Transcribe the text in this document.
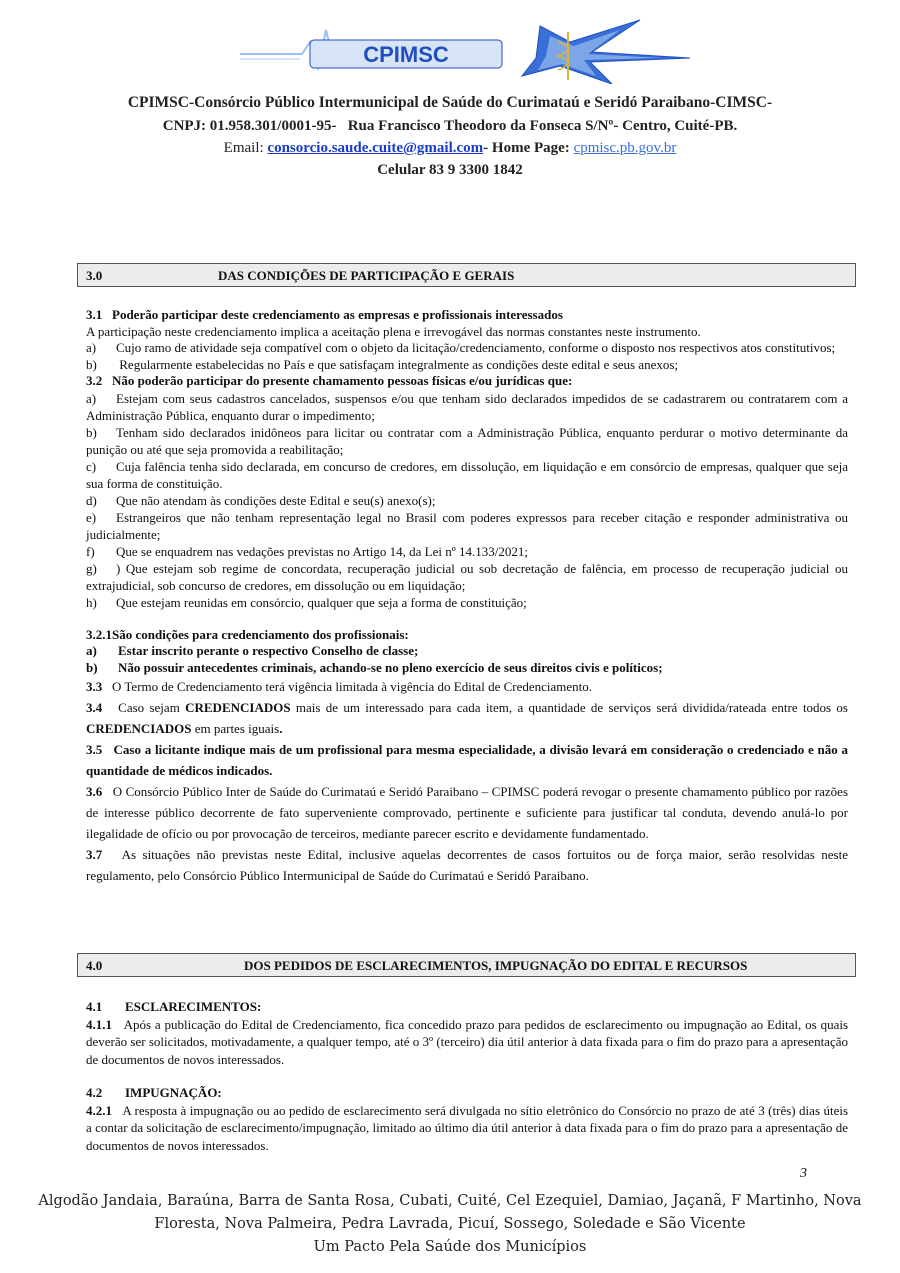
CPIMSC
CPIMSC-Consórcio Público Intermunicipal de Saúde do Curimataú e Seridó Paraibano-CIMSC-
CNPJ: 01.958.301/0001-95-   Rua Francisco Theodoro da Fonseca S/Nº- Centro, Cuité-PB.
Email: consorcio.saude.cuite@gmail.com- Home Page: cpmisc.pb.gov.br
Celular 83 9 3300 1842
3.0	DAS CONDIÇÕES DE PARTICIPAÇÃO E GERAIS

3.1 Poderão participar deste credenciamento as empresas e profissionais interessados

A participação neste credenciamento implica a aceitação plena e irrevogável das normas constantes neste instrumento.

a) Cujo ramo de atividade seja compatível com o objeto da licitação/credenciamento, conforme o disposto nos respectivos atos constitutivos;

b) Regularmente estabelecidas no País e que satisfaçam integralmente as condições deste edital e seus anexos;

3.2 Não poderão participar do presente chamamento pessoas físicas e/ou jurídicas que:

a) Estejam com seus cadastros cancelados, suspensos e/ou que tenham sido declarados impedidos de se cadastrarem ou contratarem com a Administração Pública, enquanto durar o impedimento;

b) Tenham sido declarados inidôneos para licitar ou contratar com a Administração Pública, enquanto perdurar o motivo determinante da punição ou até que seja promovida a reabilitação;

c) Cuja falência tenha sido declarada, em concurso de credores, em dissolução, em liquidação e em consórcio de empresas, qualquer que seja sua forma de constituição.

d) Que não atendam às condições deste Edital e seu(s) anexo(s);

e) Estrangeiros que não tenham representação legal no Brasil com poderes expressos para receber citação e responder administrativa ou judicialmente;

f) Que se enquadrem nas vedações previstas no Artigo 14, da Lei nº 14.133/2021;

g) ) Que estejam sob regime de concordata, recuperação judicial ou sob decretação de falência, em processo de recuperação judicial ou extrajudicial, sob concurso de credores, em dissolução ou em liquidação;

h) Que estejam reunidas em consórcio, qualquer que seja a forma de constituição;

3.2.1São condições para credenciamento dos profissionais:

a) Estar inscrito perante o respectivo Conselho de classe;

b) Não possuir antecedentes criminais, achando-se no pleno exercício de seus direitos civis e políticos;

3.3 O Termo de Credenciamento terá vigência limitada à vigência do Edital de Credenciamento.

3.4 Caso sejam CREDENCIADOS mais de um interessado para cada item, a quantidade de serviços será dividida/rateada entre todos os CREDENCIADOS em partes iguais.

3.5 Caso a licitante indique mais de um profissional para mesma especialidade, a divisão levará em consideração o credenciado e não a quantidade de médicos indicados.

3.6 O Consórcio Público Inter de Saúde do Curimataú e Seridó Paraibano – CPIMSC poderá revogar o presente chamamento público por razões de interesse público decorrente de fato superveniente comprovado, pertinente e suficiente para justificar tal conduta, devendo anulá-lo por ilegalidade de ofício ou por provocação de terceiros, mediante parecer escrito e devidamente fundamentado.

3.7 As situações não previstas neste Edital, inclusive aquelas decorrentes de casos fortuitos ou de força maior, serão resolvidas neste regulamento, pelo Consórcio Público Intermunicipal de Saúde do Curimataú e Seridó Paraibano.

4.0	DOS PEDIDOS DE ESCLARECIMENTOS, IMPUGNAÇÃO DO EDITAL E RECURSOS

4.1 ESCLARECIMENTOS:

4.1.1 Após a publicação do Edital de Credenciamento, fica concedido prazo para pedidos de esclarecimento ou impugnação ao Edital, os quais deverão ser solicitados, motivadamente, a qualquer tempo, até o 3º (terceiro) dia útil anterior à data fixada para o fim do prazo para a apresentação de documentos de novos interessados.

4.2 IMPUGNAÇÃO:

4.2.1 A resposta à impugnação ou ao pedido de esclarecimento será divulgada no sítio eletrônico do Consórcio no prazo de até 3 (três) dias úteis a contar da solicitação de esclarecimento/impugnação, limitado ao último dia útil anterior à data fixada para o fim do prazo para a apresentação de documentos de novos interessados.

3
Algodão Jandaia, Baraúna, Barra de Santa Rosa, Cubati, Cuité, Cel Ezequiel, Damiao, Jaçanã, F Martinho, Nova
Floresta, Nova Palmeira, Pedra Lavrada, Picuí, Sossego, Soledade e São Vicente
Um Pacto Pela Saúde dos Municípios
